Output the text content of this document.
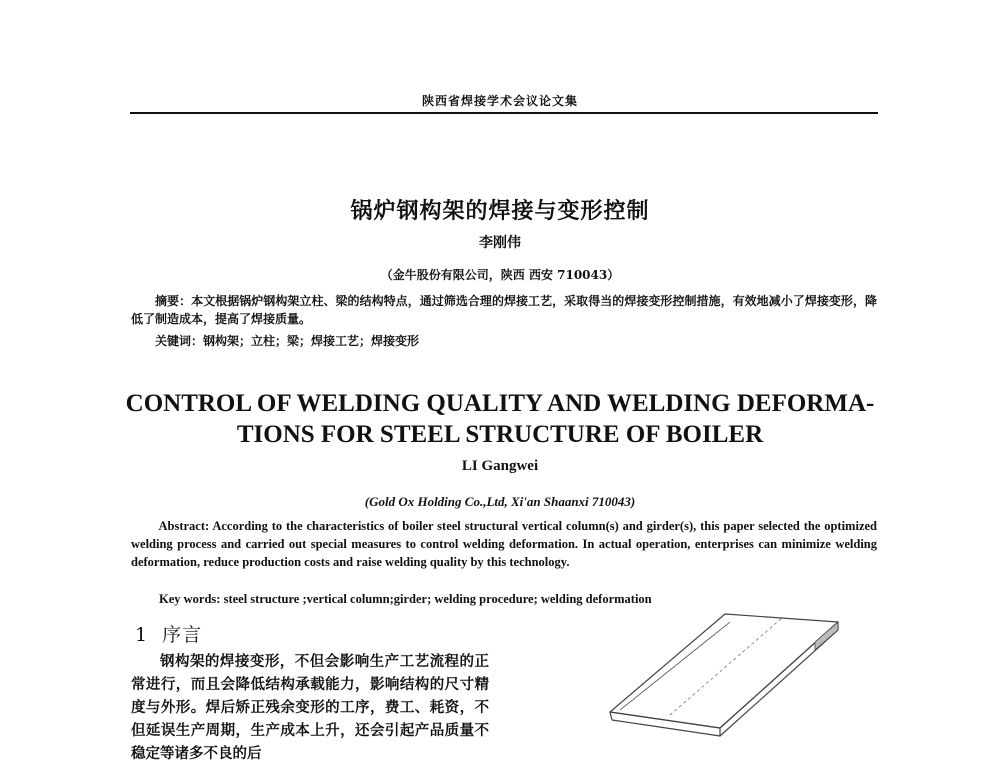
陕西省焊接学术会议论文集
锅炉钢构架的焊接与变形控制
李刚伟
（金牛股份有限公司，陕西 西安 710043）
摘要：本文根据锅炉钢构架立柱、梁的结构特点，通过筛选合理的焊接工艺，采取得当的焊接变形控制措施，有效地减小了焊接变形，降低了制造成本，提高了焊接质量。
关键词：钢构架；立柱；梁；焊接工艺；焊接变形
CONTROL OF WELDING QUALITY AND WELDING DEFORMA-
TIONS FOR STEEL STRUCTURE OF BOILER
LI Gangwei
(Gold Ox Holding Co.,Ltd, Xi'an Shaanxi 710043)
Abstract: According to the characteristics of boiler steel structural vertical column(s) and girder(s), this paper selected the optimized welding process and carried out special measures to control welding deformation. In actual operation, enterprises can minimize welding deformation, reduce production costs and raise welding quality by this technology.
Key words: steel structure ;vertical column;girder; welding procedure; welding deformation
1 序言
钢构架的焊接变形，不但会影响生产工艺流程的正常进行，而且会降低结构承载能力，影响结构的尺寸精度与外形。焊后矫正残余变形的工序，费工、耗资，不但延误生产周期，生产成本上升，还会引起产品质量不稳定等诸多不良的后
